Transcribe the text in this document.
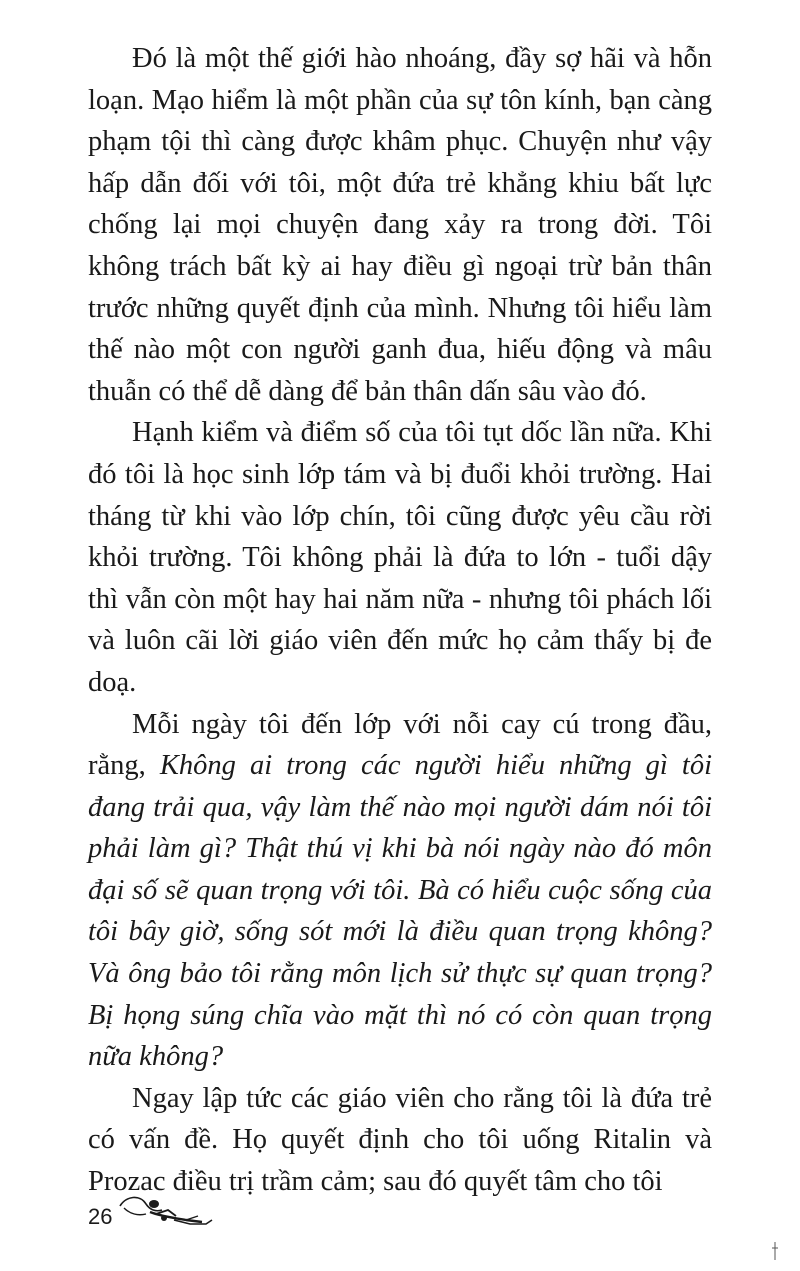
Đó là một thế giới hào nhoáng, đầy sợ hãi và hỗn loạn. Mạo hiểm là một phần của sự tôn kính, bạn càng phạm tội thì càng được khâm phục. Chuyện như vậy hấp dẫn đối với tôi, một đứa trẻ khẳng khiu bất lực chống lại mọi chuyện đang xảy ra trong đời. Tôi không trách bất kỳ ai hay điều gì ngoại trừ bản thân trước những quyết định của mình. Nhưng tôi hiểu làm thế nào một con người ganh đua, hiếu động và mâu thuẫn có thể dễ dàng để bản thân dấn sâu vào đó.

Hạnh kiểm và điểm số của tôi tụt dốc lần nữa. Khi đó tôi là học sinh lớp tám và bị đuổi khỏi trường. Hai tháng từ khi vào lớp chín, tôi cũng được yêu cầu rời khỏi trường. Tôi không phải là đứa to lớn - tuổi dậy thì vẫn còn một hay hai năm nữa - nhưng tôi phách lối và luôn cãi lời giáo viên đến mức họ cảm thấy bị đe doạ.

Mỗi ngày tôi đến lớp với nỗi cay cú trong đầu, rằng, Không ai trong các người hiểu những gì tôi đang trải qua, vậy làm thế nào mọi người dám nói tôi phải làm gì? Thật thú vị khi bà nói ngày nào đó môn đại số sẽ quan trọng với tôi. Bà có hiểu cuộc sống của tôi bây giờ, sống sót mới là điều quan trọng không? Và ông bảo tôi rằng môn lịch sử thực sự quan trọng? Bị họng súng chĩa vào mặt thì nó có còn quan trọng nữa không?

Ngay lập tức các giáo viên cho rằng tôi là đứa trẻ có vấn đề. Họ quyết định cho tôi uống Ritalin và Prozac điều trị trầm cảm; sau đó quyết tâm cho tôi

26
